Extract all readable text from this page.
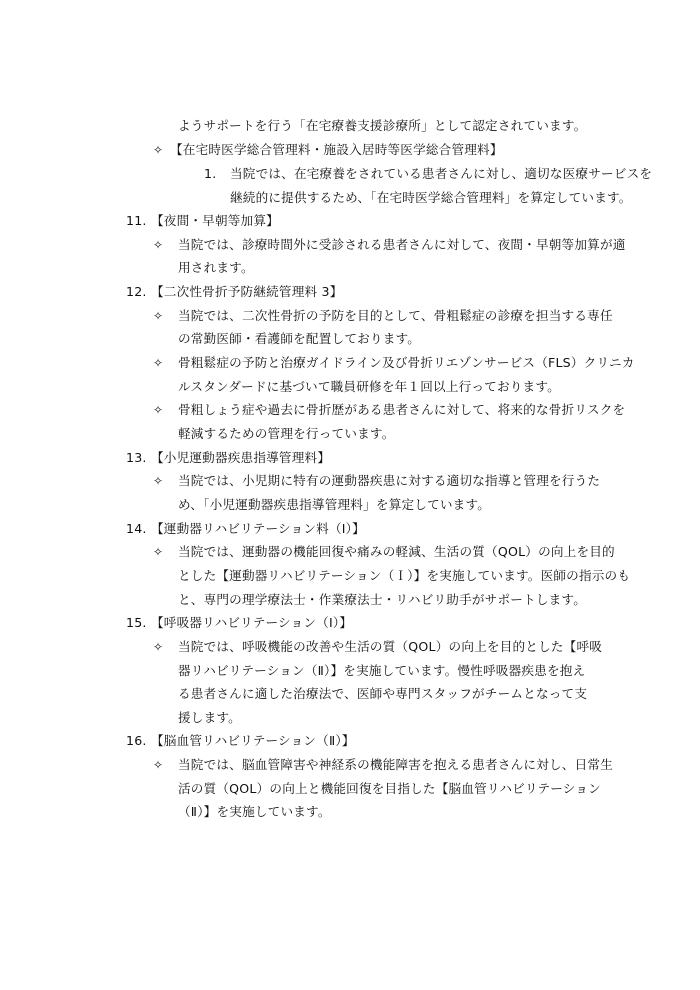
ようサポートを行う「在宅療養支援診療所」として認定されています。
✧ 【在宅時医学総合管理料・施設入居時等医学総合管理料】
1. 当院では、在宅療養をされている患者さんに対し、適切な医療サービスを
継続的に提供するため、「在宅時医学総合管理料」を算定しています。
11. 【夜間・早朝等加算】
✧ 当院では、診療時間外に受診される患者さんに対して、夜間・早朝等加算が適
用されます。
12. 【二次性骨折予防継続管理料 3】
✧ 当院では、二次性骨折の予防を目的として、骨粗鬆症の診療を担当する専任
の常勤医師・看護師を配置しております。
✧ 骨粗鬆症の予防と治療ガイドライン及び骨折リエゾンサービス（FLS）クリニカ
ルスタンダードに基づいて職員研修を年１回以上行っております。
✧ 骨粗しょう症や過去に骨折歴がある患者さんに対して、将来的な骨折リスクを
軽減するための管理を行っています。
13. 【小児運動器疾患指導管理料】
✧ 当院では、小児期に特有の運動器疾患に対する適切な指導と管理を行うた
め、「小児運動器疾患指導管理料」を算定しています。
14. 【運動器リハビリテーション料（I）】
✧ 当院では、運動器の機能回復や痛みの軽減、生活の質（QOL）の向上を目的
とした【運動器リハビリテーション（Ｉ）】を実施しています。医師の指示のも
と、専門の理学療法士・作業療法士・リハビリ助手がサポートします。
15. 【呼吸器リハビリテーション（I）】
✧ 当院では、呼吸機能の改善や生活の質（QOL）の向上を目的とした【呼吸
器リハビリテーション（Ⅱ）】を実施しています。慢性呼吸器疾患を抱え
る患者さんに適した治療法で、医師や専門スタッフがチームとなって支
援します。
16. 【脳血管リハビリテーション（Ⅱ）】
✧ 当院では、脳血管障害や神経系の機能障害を抱える患者さんに対し、日常生
活の質（QOL）の向上と機能回復を目指した【脳血管リハビリテーション
（Ⅱ）】を実施しています。
